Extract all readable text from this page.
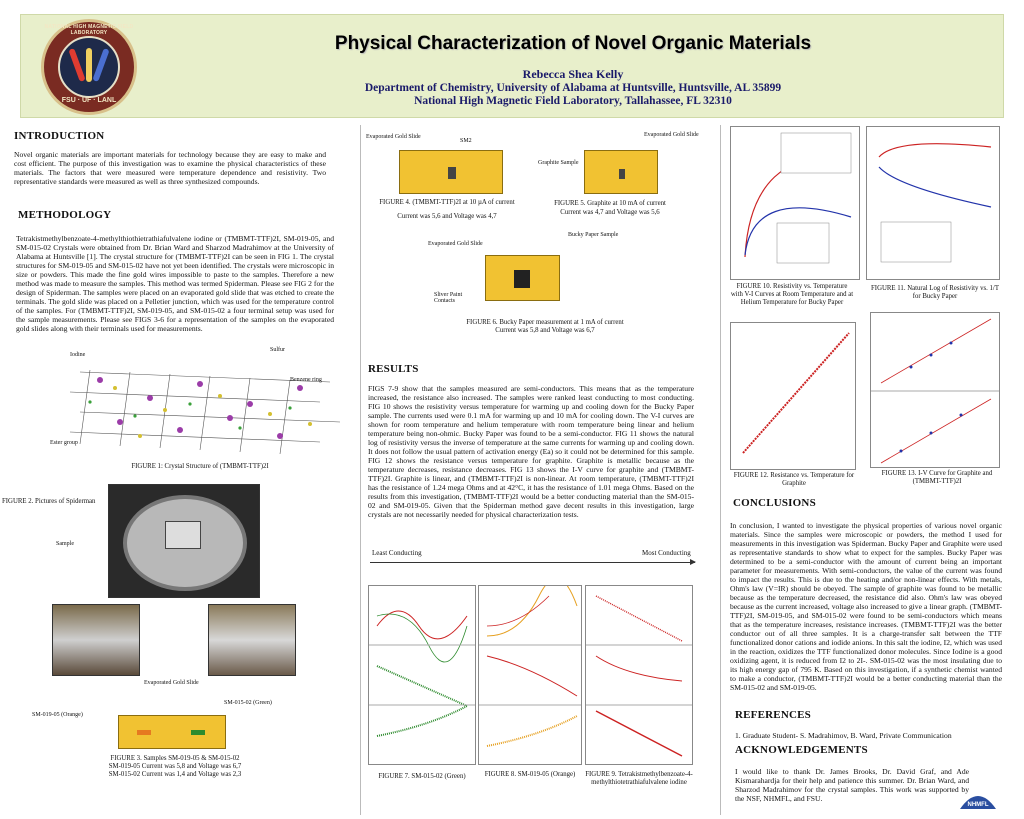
NATIONAL HIGH MAGNETIC FIELD LABORATORY
FSU · UF · LANL
Physical Characterization of Novel Organic Materials
Rebecca Shea Kelly
Department of Chemistry, University of Alabama at Huntsville, Huntsville, AL 35899
National High Magnetic Field Laboratory, Tallahassee, FL 32310
INTRODUCTION
Novel organic materials are important materials for technology because they are easy to make and cost efficient. The purpose of this investigation was to examine the physical characteristics of these materials. The factors that were measured were temperature dependence and resistivity. Two representative standards were measured as well as three synthesized compounds.
METHODOLOGY
Tetrakistmethylbenzoate-4-methylthiothietrathiafulvalene iodine or (TMBMT-TTF)2I, SM-019-05, and SM-015-02 Crystals were obtained from Dr. Brian Ward and Sharzod Madrahimov at the University of Alabama at Huntsville [1]. The crystal structure for (TMBMT-TTF)2I can be seen in FIG 1. The crystal structures for SM-019-05 and SM-015-02 have not yet been identified. The crystals were microscopic in size or powders. This made the fine gold wires impossible to paste to the samples. Therefore a new method was made to measure the samples. This method was termed Spiderman. Please see FIG 2 for the design of Spiderman. The samples were placed on an evaporated gold slide that was etched to create the terminals. The gold slide was placed on a Pelletier junction, which was used for the temperature control of the samples. For (TMBMT-TTF)2I, SM-019-05, and SM-015-02 a four terminal setup was used for the sample measurements. Please see FIGS 3-6 for a representation of the samples on the evaporated gold slides along with their terminals used for measurements.
Iodine
Sulfur
Benzene ring
Ester group
FIGURE 1: Crystal Structure of (TMBMT-TTF)2I
FIGURE 2. Pictures of Spiderman
Sample
Evaporated Gold Slide
SM-015-02 (Green)
SM-019-05 (Orange)
FIGURE 3. Samples SM-019-05 & SM-015-02
SM-019-05 Current was 5,8 and Voltage was 6,7
SM-015-02 Current was 1,4 and Voltage was 2,3
Evaporated Gold Slide
SM2
FIGURE 4. (TMBMT-TTF)2I at 10 µA of current
Current was 5,6 and Voltage was 4,7
Evaporated Gold Slide
Graphite Sample
FIGURE 5. Graphite at 10 mA of current
Current was 4,7 and Voltage was 5,6
Evaporated Gold Slide
Bucky Paper Sample
Sliver Paint Contacts
FIGURE 6. Bucky Paper measurement at 1 mA of current
Current was 5,8 and Voltage was 6,7
RESULTS
FIGS 7-9 show that the samples measured are semi-conductors. This means that as the temperature increased, the resistance also increased. The samples were ranked least conducting to most conducting. FIG 10 shows the resistivity versus temperature for warming up and cooling down for the Bucky Paper sample. The currents used were 0.1 mA for warming up and 10 mA for cooling down. The V-I curves are shown for room temperature and helium temperature with room temperature being linear and helium temperature being non-ohmic. Bucky Paper was found to be a semi-conductor. FIG 11 shows the natural log of resistivity versus the inverse of temperature at the same currents for warming up and cooling down. It does not follow the usual pattern of activation energy (Ea) so it could not be determined for this sample. FIG 12 shows the resistance versus temperature for graphite. Graphite is metallic because as the temperature decreases, resistance decreases. FIG 13 shows the I-V curve for graphite and (TMBMT-TTF)2I. Graphite is linear, and (TMBMT-TTF)2I is non-linear. At room temperature, (TMBMT-TTF)2I has the resistance of 1.24 mega Ohms and at 42°C, it has the resistance of 1.01 mega Ohms. Based on the results from this investigation, (TMBMT-TTF)2I would be a better conducting material than the SM-015-02 and SM-019-05. Given that the Spiderman method gave decent results in this investigation, large crystals are not necessarily needed for physical characterization tests.
Least Conducting	Most Conducting
FIGURE 7. SM-015-02 (Green)	FIGURE 8. SM-019-05 (Orange)	FIGURE 9. Tetrakistmethylbenzoate-4-methylthiotetrathiafulvalene iodine
FIGURE 10. Resistivity vs. Temperature with V-I Curves at Room Temperature and at Helium Temperature for Bucky Paper
FIGURE 11. Natural Log of Resistivity vs. 1/T for Bucky Paper
FIGURE 12. Resistance vs. Temperature for Graphite
FIGURE 13. I-V Curve for Graphite and (TMBMT-TTF)2I
CONCLUSIONS
In conclusion, I wanted to investigate the physical properties of various novel organic materials. Since the samples were microscopic or powders, the method I used for measurements in this investigation was Spiderman. Bucky Paper and Graphite were used as representative standards to show what to expect for the samples. Bucky Paper was determined to be a semi-conductor with the amount of current being an important parameter for measurements. With semi-conductors, the value of the current was found to impact the results. This is due to the heating and/or non-linear effects. With metals, Ohm's law (V=IR) should be obeyed. The sample of graphite was found to be metallic because as the temperature decreased, the resistance did also. Ohm's law was obeyed because as the current increased, voltage also increased to give a linear graph. (TMBMT-TTF)2I, SM-019-05, and SM-015-02 were found to be semi-conductors which means that as the temperature increases, resistance increases. (TMBMT-TTF)2I was the better conductor out of all three samples. It is a charge-transfer salt between the TTF functionalized donor cations and iodide anions. In this salt the iodine, I2, which was used in the reaction, oxidizes the TTF functionalized donor molecules. Since Iodine is a good oxidizing agent, it is reduced from I2 to 2I-. SM-015-02 was the most insulating due to its high energy gap of 795 K. Based on this investigation, if a synthetic chemist wanted to make a conductor, (TMBMT-TTF)2I would be a better conducting material than the SM-015-02 and SM-019-05.
REFERENCES
1. Graduate Student- S. Madrahimov, B. Ward, Private Communication
ACKNOWLEDGEMENTS
I would like to thank Dr. James Brooks, Dr. David Graf, and Ade Kismarahardja for their help and patience this summer. Dr. Brian Ward, and Sharzod Madrahimov for the crystal samples. This work was supported by the NSF, NHMFL, and FSU.
NHMFL
